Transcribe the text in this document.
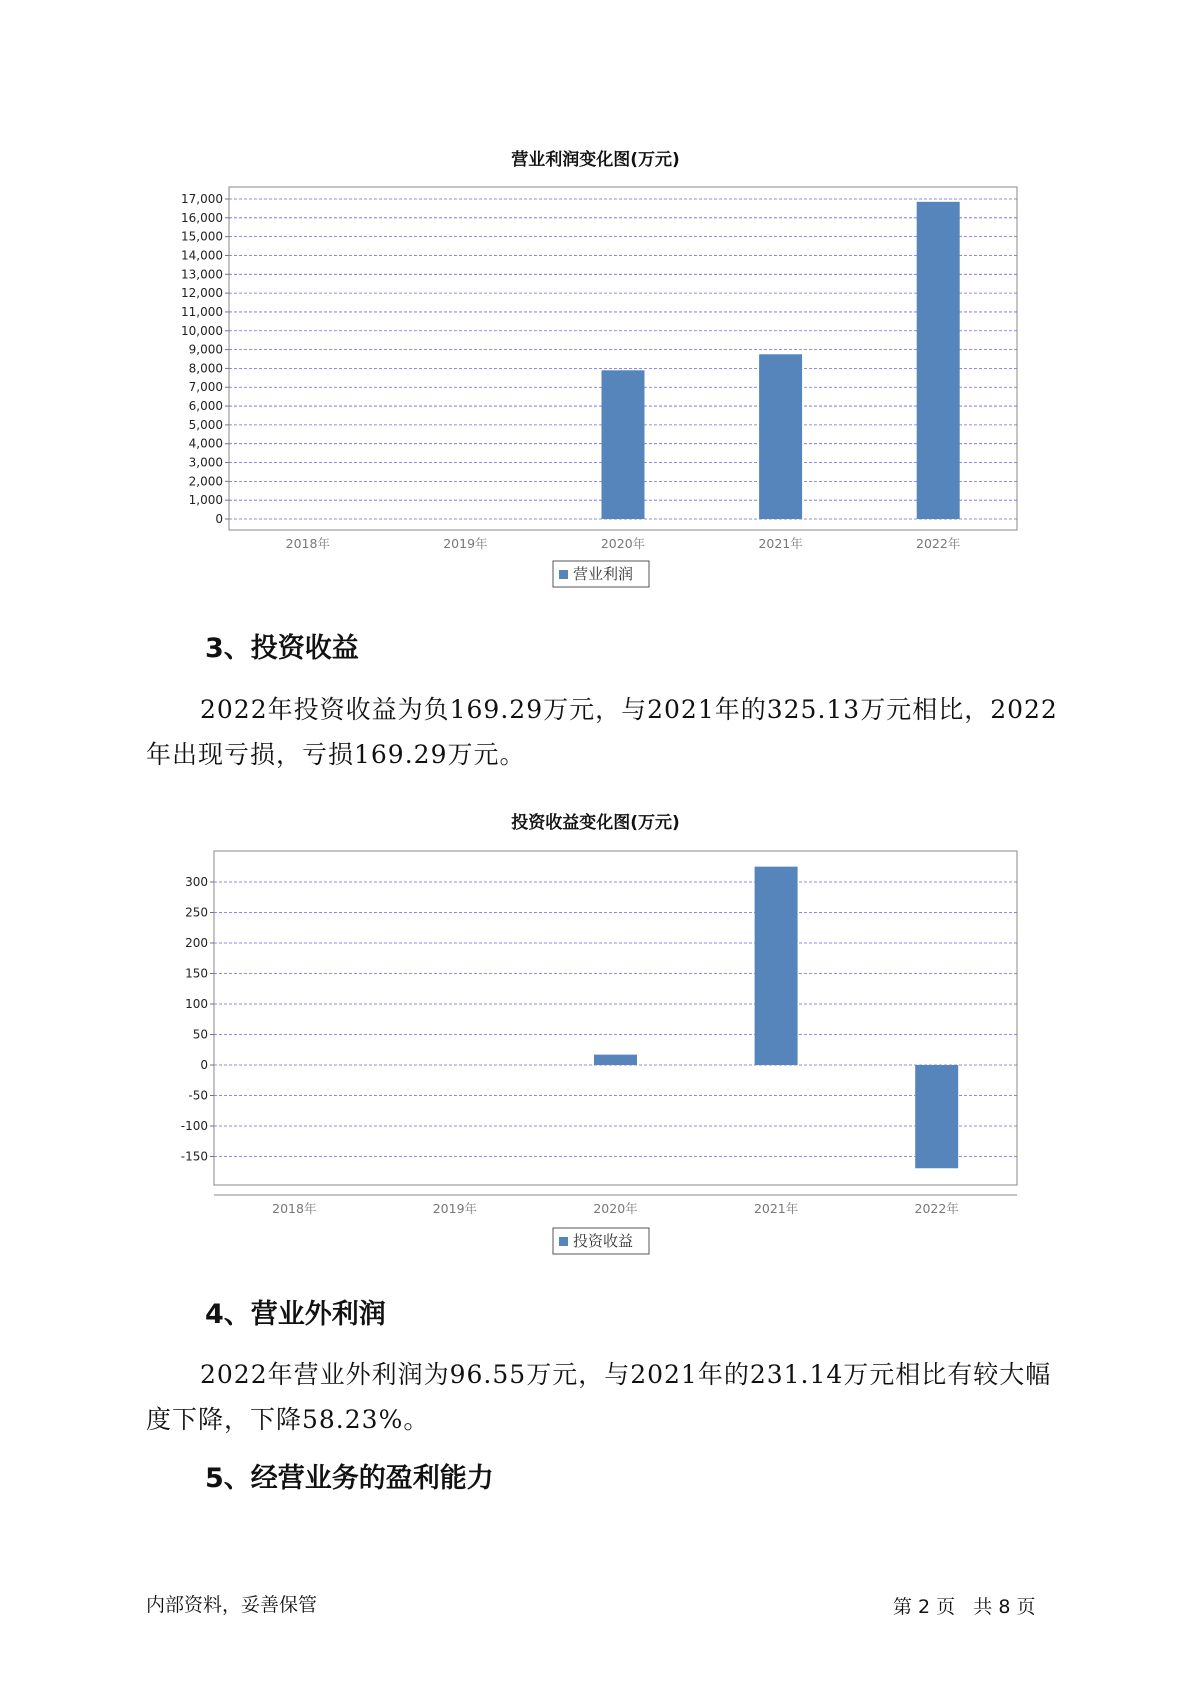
营业利润变化图(万元)
0
1,000
2,000
3,000
4,000
5,000
6,000
7,000
8,000
9,000
10,000
11,000
12,000
13,000
14,000
15,000
16,000
17,000
2018年	2019年	2020年	2021年	2022年
营业利润
3、投资收益
2022年投资收益为负169.29万元，与2021年的325.13万元相比，2022
年出现亏损，亏损169.29万元。
投资收益变化图(万元)
-150
-100
-50
0
50
100
150
200
250
300
2018年	2019年	2020年	2021年	2022年
投资收益
4、营业外利润
2022年营业外利润为96.55万元，与2021年的231.14万元相比有较大幅
度下降，下降58.23%。
5、经营业务的盈利能力
内部资料，妥善保管	第 2 页   共 8 页
